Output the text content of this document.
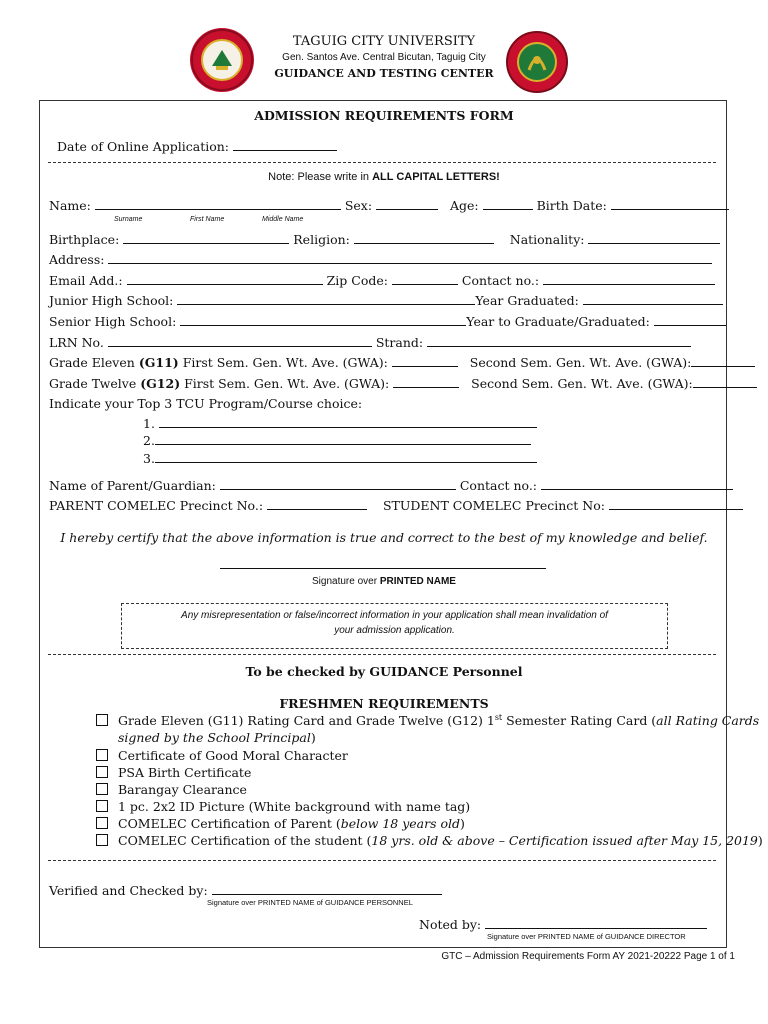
TAGUIG CITY UNIVERSITY
Gen. Santos Ave. Central Bicutan, Taguig City
GUIDANCE AND TESTING CENTER
ADMISSION REQUIREMENTS FORM
Date of Online Application:
Note: Please write in ALL CAPITAL LETTERS!
Name:	Sex:	Age:	Birth Date:
Surname	First Name	Middle Name
Birthplace:	Religion:	Nationality:
Address:
Email Add.:	Zip Code:	Contact no.:
Junior High School:	Year Graduated:
Senior High School:	Year to Graduate/Graduated:
LRN No.	Strand:
Grade Eleven (G11) First Sem. Gen. Wt. Ave. (GWA):	Second Sem. Gen. Wt. Ave. (GWA):
Grade Twelve (G12) First Sem. Gen. Wt. Ave. (GWA):	Second Sem. Gen. Wt. Ave. (GWA):
Indicate your Top 3 TCU Program/Course choice:
1.
2.
3.
Name of Parent/Guardian:	Contact no.:
PARENT COMELEC Precinct No.:	STUDENT COMELEC Precinct No:
I hereby certify that the above information is true and correct to the best of my knowledge and belief.
Signature over PRINTED NAME
Any misrepresentation or false/incorrect information in your application shall mean invalidation of
your admission application.
To be checked by GUIDANCE Personnel
FRESHMEN REQUIREMENTS
Grade Eleven (G11) Rating Card and Grade Twelve (G12) 1st Semester Rating Card (all Rating Cards
signed by the School Principal)
Certificate of Good Moral Character
PSA Birth Certificate
Barangay Clearance
1 pc. 2x2 ID Picture (White background with name tag)
COMELEC Certification of Parent (below 18 years old)
COMELEC Certification of the student (18 yrs. old & above – Certification issued after May 15, 2019)
Verified and Checked by:
Signature over PRINTED NAME of GUIDANCE PERSONNEL
Noted by:
Signature over PRINTED NAME of GUIDANCE DIRECTOR
GTC – Admission Requirements Form AY 2021-20222 Page 1 of 1
